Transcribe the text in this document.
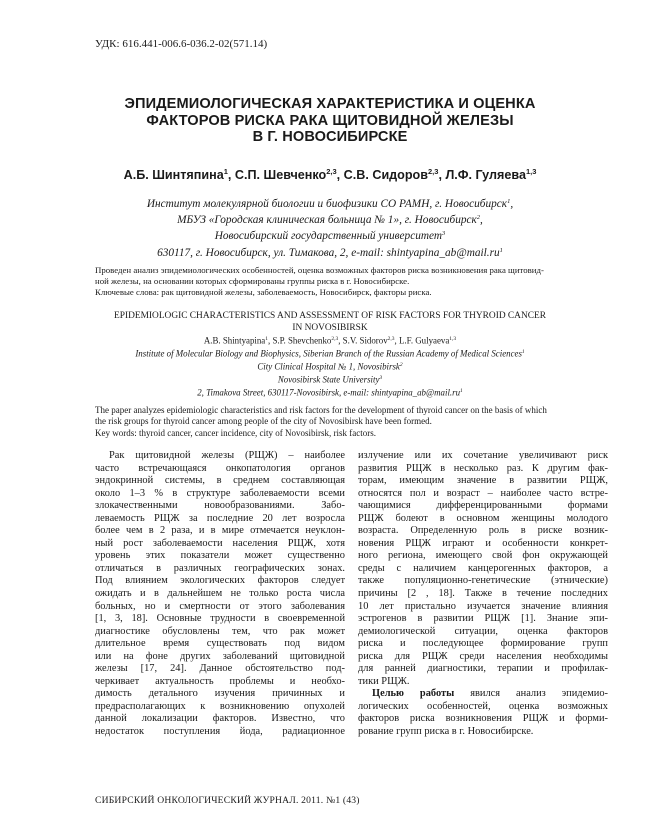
УДК: 616.441-006.6-036.2-02(571.14)
ЭПИДЕМИОЛОГИЧЕСКАЯ ХАРАКТЕРИСТИКА И ОЦЕНКА
ФАКТОРОВ РИСКА РАКА ЩИТОВИДНОЙ ЖЕЛЕЗЫ
В Г. НОВОСИБИРСКЕ
А.Б. Шинтяпина$^1$, С.П. Шевченко$^{2,3}$, С.В. Сидоров$^{2,3}$, Л.Ф. Гуляева$^{1,3}$
Институт молекулярной биологии и биофизики СО РАМН, г. Новосибирск$^1$,
МБУЗ «Городская клиническая больница № 1», г. Новосибирск$^2$,
Новосибирский государственный университет$^3$
630117, г. Новосибирск, ул. Тимакова, 2, e-mail: $shintyapina\_ab@mail.ru^1$
Проведен анализ эпидемиологических особенностей, оценка возможных факторов риска возникновения рака щитовид-
ной железы, на основании которых сформированы группы риска в г. Новосибирске.
Ключевые слова: рак щитовидной железы, заболеваемость, Новосибирск, факторы риска.
EPIDEMIOLOGIC CHARACTERISTICS AND ASSESSMENT OF RISK FACTORS FOR THYROID CANCER
IN NOVOSIBIRSK
A.B. Shintyapina$^1$, S.P. Shevchenko$^{2,3}$, S.V. Sidorov$^{2,3}$, L.F. Gulyaeva$^{1,3}$
Institute of Molecular Biology and Biophysics, Siberian Branch of the Russian Academy of Medical Sciences$^1$
City Clinical Hospital № 1, Novosibirsk$^2$
Novosibirsk State University$^3$
2, Timakova Street, 630117-Novosibirsk, e-mail: $shintyapina\_ab@mail.ru^1$
The paper analyzes epidemiologic characteristics and risk factors for the development of thyroid cancer on the basis of which
the risk groups for thyroid cancer among people of the city of Novosibirsk have been formed.
Key words: thyroid cancer, cancer incidence, city of Novosibirsk, risk factors.
Рак щитовидной железы (РЩЖ) – наиболее
часто встречающаяся онкопатология органов
эндокринной системы, в среднем составляющая
около 1–3 % в структуре заболеваемости всеми
злокачественными новообразованиями. Забо-
леваемость РЩЖ за последние 20 лет возросла
более чем в 2 раза, и в мире отмечается неуклон-
ный рост заболеваемости населения РЩЖ, хотя
уровень этих показатели может существенно
отличаться в различных географических зонах.
Под влиянием экологических факторов следует
ожидать и в дальнейшем не только роста числа
больных, но и смертности от этого заболевания
[1, 3, 18]. Основные трудности в своевременной
диагностике обусловлены тем, что рак может
длительное время существовать под видом
или на фоне других заболеваний щитовидной
железы [17, 24]. Данное обстоятельство под-
черкивает актуальность проблемы и необхо-
димость детального изучения причинных и
предрасполагающих к возникновению опухолей
данной локализации факторов. Известно, что
недостаток поступления йода, радиационное
излучение или их сочетание увеличивают риск
развития РЩЖ в несколько раз. К другим фак-
торам, имеющим значение в развитии РЩЖ,
относятся пол и возраст – наиболее часто встре-
чающимися дифференцированными формами
РЩЖ болеют в основном женщины молодого
возраста. Определенную роль в риске возник-
новения РЩЖ играют и особенности конкрет-
ного региона, имеющего свой фон окружающей
среды с наличием канцерогенных факторов, а
также популяционно-генетические (этнические)
причины [2 , 18]. Также в течение последних
10 лет пристально изучается значение влияния
эстрогенов в развитии РЩЖ [1]. Знание эпи-
демиологической ситуации, оценка факторов
риска и последующее формирование групп
риска для РЩЖ среди населения необходимы
для ранней диагностики, терапии и профилак-
тики РЩЖ.
Целью работы явился анализ эпидемио-
логических особенностей, оценка возможных
факторов риска возникновения РЩЖ и форми-
рование групп риска в г. Новосибирске.
СИБИРСКИЙ ОНКОЛОГИЧЕСКИЙ ЖУРНАЛ. 2011. №1 (43)
